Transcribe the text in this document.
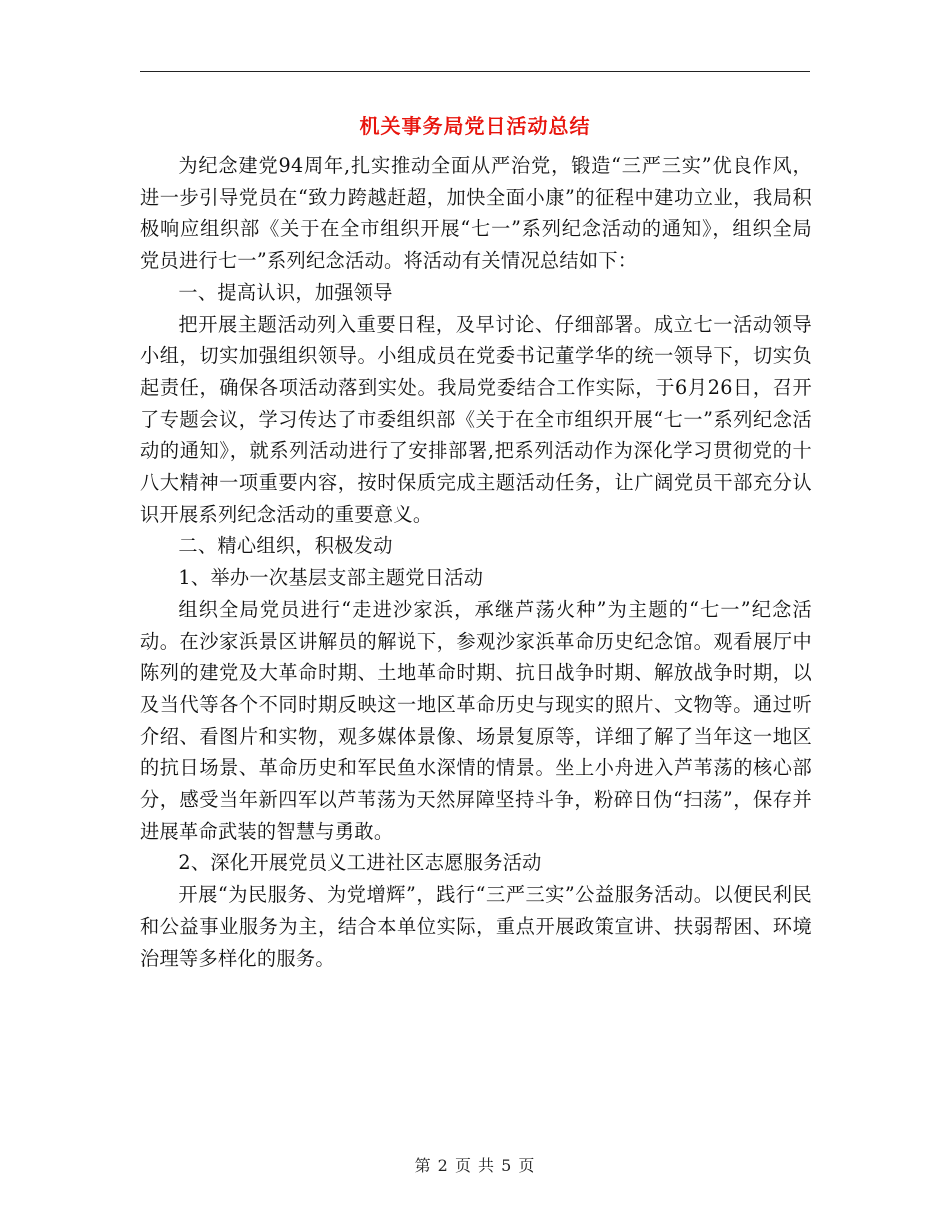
机关事务局党日活动总结

为纪念建党94周年,扎实推动全面从严治党，锻造“三严三实”优良作风，进一步引导党员在“致力跨越赶超，加快全面小康”的征程中建功立业，我局积极响应组织部《关于在全市组织开展“七一”系列纪念活动的通知》，组织全局党员进行七一”系列纪念活动。将活动有关情况总结如下：

一、提高认识，加强领导

把开展主题活动列入重要日程，及早讨论、仔细部署。成立七一活动领导小组，切实加强组织领导。小组成员在党委书记董学华的统一领导下，切实负起责任，确保各项活动落到实处。我局党委结合工作实际，于6月26日，召开了专题会议，学习传达了市委组织部《关于在全市组织开展“七一”系列纪念活动的通知》，就系列活动进行了安排部署,把系列活动作为深化学习贯彻党的十八大精神一项重要内容，按时保质完成主题活动任务，让广阔党员干部充分认识开展系列纪念活动的重要意义。

二、精心组织，积极发动

1、举办一次基层支部主题党日活动

组织全局党员进行“走进沙家浜，承继芦荡火种”为主题的“七一”纪念活动。在沙家浜景区讲解员的解说下，参观沙家浜革命历史纪念馆。观看展厅中陈列的建党及大革命时期、土地革命时期、抗日战争时期、解放战争时期，以及当代等各个不同时期反映这一地区革命历史与现实的照片、文物等。通过听介绍、看图片和实物，观多媒体景像、场景复原等，详细了解了当年这一地区的抗日场景、革命历史和军民鱼水深情的情景。坐上小舟进入芦苇荡的核心部分，感受当年新四军以芦苇荡为天然屏障坚持斗争，粉碎日伪“扫荡”，保存并进展革命武装的智慧与勇敢。

2、深化开展党员义工进社区志愿服务活动

开展“为民服务、为党增辉”，践行“三严三实”公益服务活动。以便民利民和公益事业服务为主，结合本单位实际，重点开展政策宣讲、扶弱帮困、环境治理等多样化的服务。

第 2 页 共 5 页
